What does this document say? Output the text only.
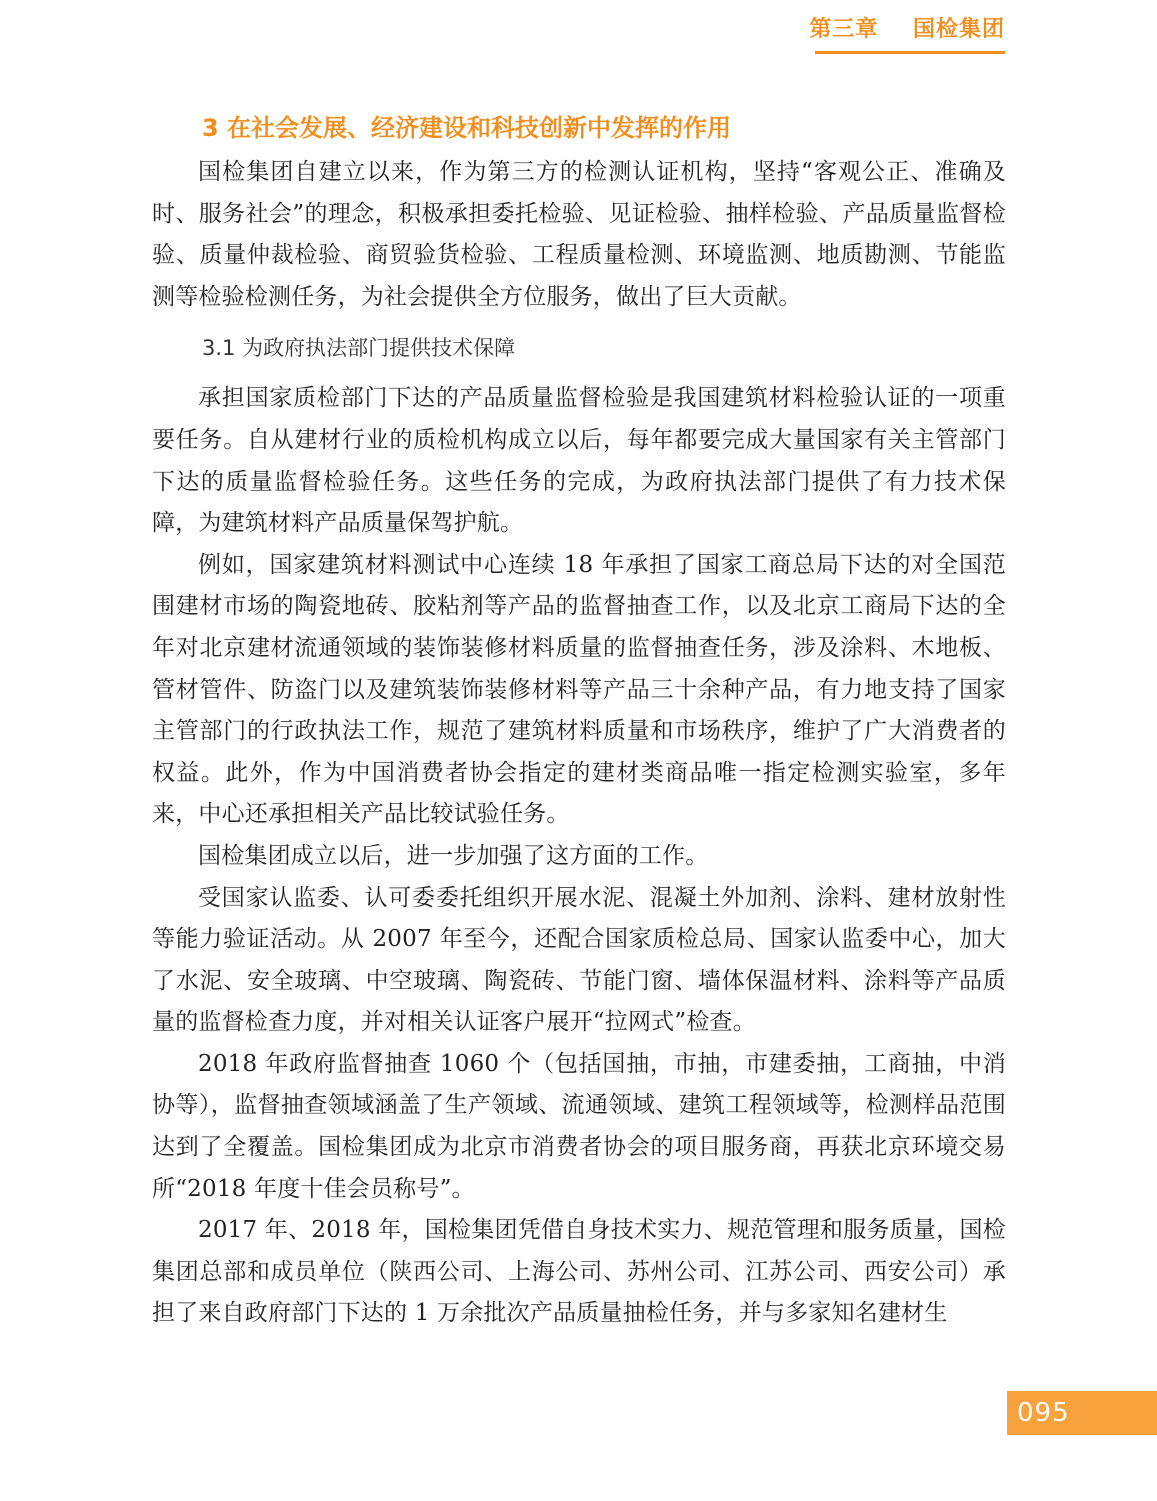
第三章    国检集团
3 在社会发展、经济建设和科技创新中发挥的作用

国检集团自建立以来，作为第三方的检测认证机构，坚持“客观公正、准确及时、服务社会”的理念，积极承担委托检验、见证检验、抽样检验、产品质量监督检验、质量仲裁检验、商贸验货检验、工程质量检测、环境监测、地质勘测、节能监测等检验检测任务，为社会提供全方位服务，做出了巨大贡献。

3.1 为政府执法部门提供技术保障

承担国家质检部门下达的产品质量监督检验是我国建筑材料检验认证的一项重要任务。自从建材行业的质检机构成立以后，每年都要完成大量国家有关主管部门下达的质量监督检验任务。这些任务的完成，为政府执法部门提供了有力技术保障，为建筑材料产品质量保驾护航。

例如，国家建筑材料测试中心连续 18 年承担了国家工商总局下达的对全国范围建材市场的陶瓷地砖、胶粘剂等产品的监督抽查工作，以及北京工商局下达的全年对北京建材流通领域的装饰装修材料质量的监督抽查任务，涉及涂料、木地板、管材管件、防盗门以及建筑装饰装修材料等产品三十余种产品，有力地支持了国家主管部门的行政执法工作，规范了建筑材料质量和市场秩序，维护了广大消费者的权益。此外，作为中国消费者协会指定的建材类商品唯一指定检测实验室，多年来，中心还承担相关产品比较试验任务。

国检集团成立以后，进一步加强了这方面的工作。

受国家认监委、认可委委托组织开展水泥、混凝土外加剂、涂料、建材放射性等能力验证活动。从 2007 年至今，还配合国家质检总局、国家认监委中心，加大了水泥、安全玻璃、中空玻璃、陶瓷砖、节能门窗、墙体保温材料、涂料等产品质量的监督检查力度，并对相关认证客户展开“拉网式”检查。

2018 年政府监督抽查 1060 个（包括国抽，市抽，市建委抽，工商抽，中消协等），监督抽查领域涵盖了生产领域、流通领域、建筑工程领域等，检测样品范围达到了全覆盖。国检集团成为北京市消费者协会的项目服务商，再获北京环境交易所“2018 年度十佳会员称号”。

2017 年、2018 年，国检集团凭借自身技术实力、规范管理和服务质量，国检集团总部和成员单位（陕西公司、上海公司、苏州公司、江苏公司、西安公司）承担了来自政府部门下达的 1 万余批次产品质量抽检任务，并与多家知名建材生

095
